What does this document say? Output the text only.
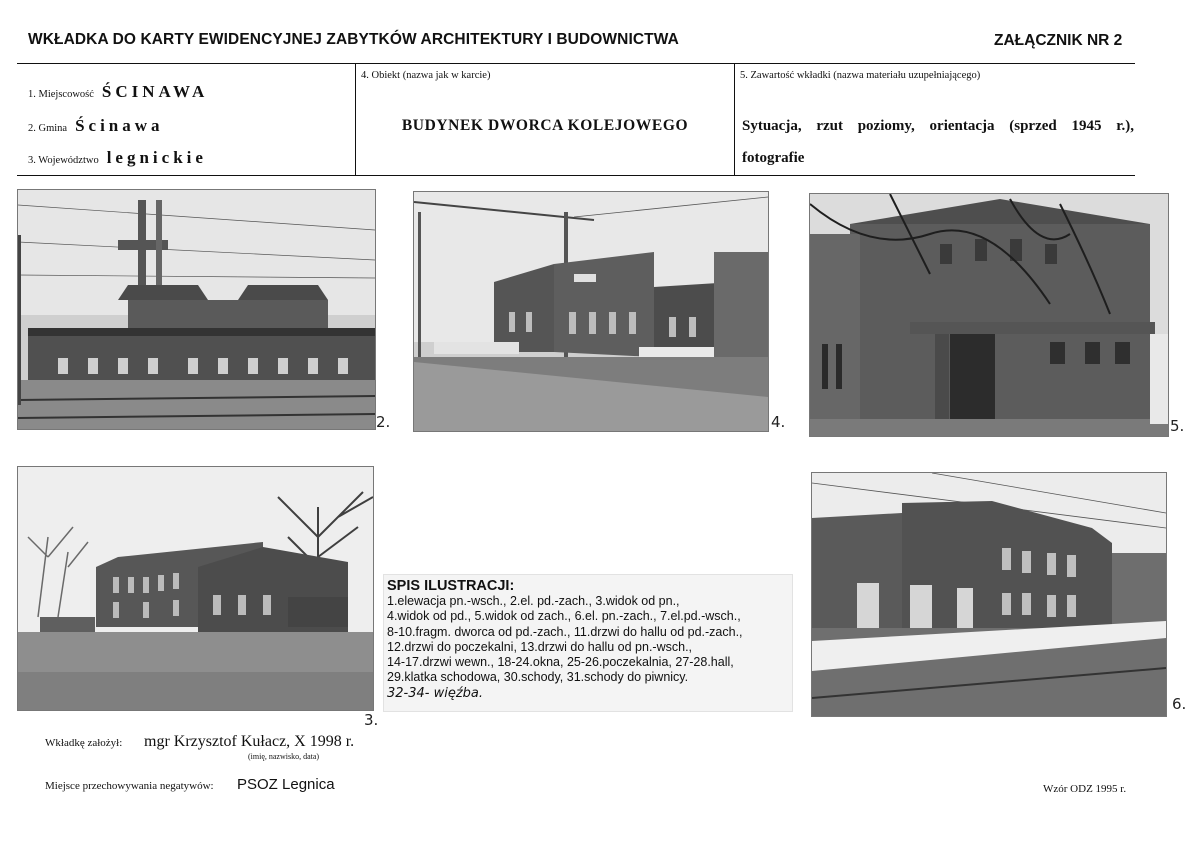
WKŁADKA DO KARTY EWIDENCYJNEJ ZABYTKÓW ARCHITEKTURY I BUDOWNICTWA	ZAŁĄCZNIK NR 2
1. Miejscowość ŚCINAWA
2. Gmina Ścinawa
3. Województwo legnickie
4. Obiekt (nazwa jak w karcie)
BUDYNEK DWORCA KOLEJOWEGO
5. Zawartość wkładki (nazwa materiału uzupełniającego)
Sytuacja, rzut poziomy, orientacja (sprzed 1945 r.),
fotografie
2.	4.	5.
3.
6.
SPIS ILUSTRACJI:
1.elewacja pn.-wsch., 2.el. pd.-zach., 3.widok od pn.,
4.widok od pd., 5.widok od zach., 6.el. pn.-zach., 7.el.pd.-wsch.,
8-10.fragm. dworca od pd.-zach., 11.drzwi do hallu od pd.-zach.,
12.drzwi do poczekalni, 13.drzwi do hallu od pn.-wsch.,
14-17.drzwi wewn., 18-24.okna, 25-26.poczekalnia, 27-28.hall,
29.klatka schodowa, 30.schody, 31.schody do piwnicy.
32-34- więźba.
Wkładkę założył: mgr Krzysztof Kułacz, X 1998 r.
(imię, nazwisko, data)
Miejsce przechowywania negatywów: PSOZ Legnica	Wzór ODZ 1995 r.
